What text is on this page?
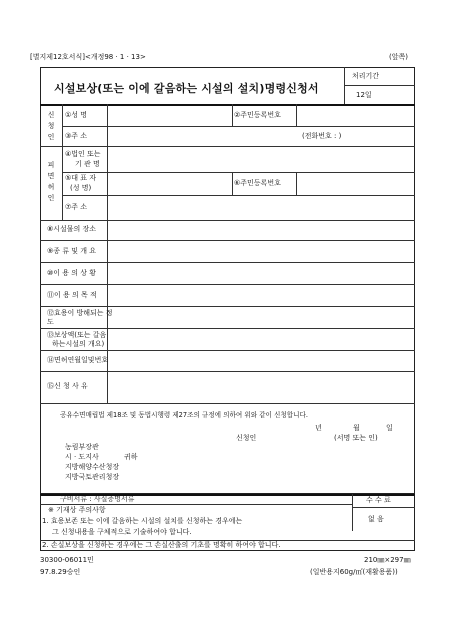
[별지제12호서식]<개정98 · 1 · 13>	(앞쪽)
시설보상(또는 이에 갈음하는 시설의 설치)명령신청서
처리기간
12일
신청인
①성 명	②주민등록번호
③주 소	(전화번호 : )
피면허인
④법인 또는
기 관 명
⑤대 표 자
(성 명)
⑥주민등록번호
⑦주 소
⑧시설물의 장소
⑨종 류 및 개 요
⑩이 용 의 상 황
⑪이 용 의 목 적
⑫효용이 방해되는 정
도
⑬보상액(또는 갈음
하는시설의 개요)
⑭면허연월일및번호
⑮신 청 사 유
공유수면매립법 제18조 및 동법시행령 제27조의 규정에 의하여 위와 같이 신청합니다.
년	월	일
신청인	(서명 또는 인)
농림부장관
시 · 도지사	귀하
지방해양수산청장
지방국토관리청장
구비서류 : 사실증명서류	수 수 료
없 음
※ 기재상 주의사항
1. 효용보존 또는 이에 갈음하는 시설의 설치를 신청하는 경우에는
그 신청내용을 구체적으로 기술하여야 합니다.
2. 손실보상을 신청하는 경우에는 그 손실산출의 기초를 명확히 하여야 합니다.
30300-06011민
97.8.29승인
210㎜×297㎜
(일반용지60g/㎡(재활용품))
